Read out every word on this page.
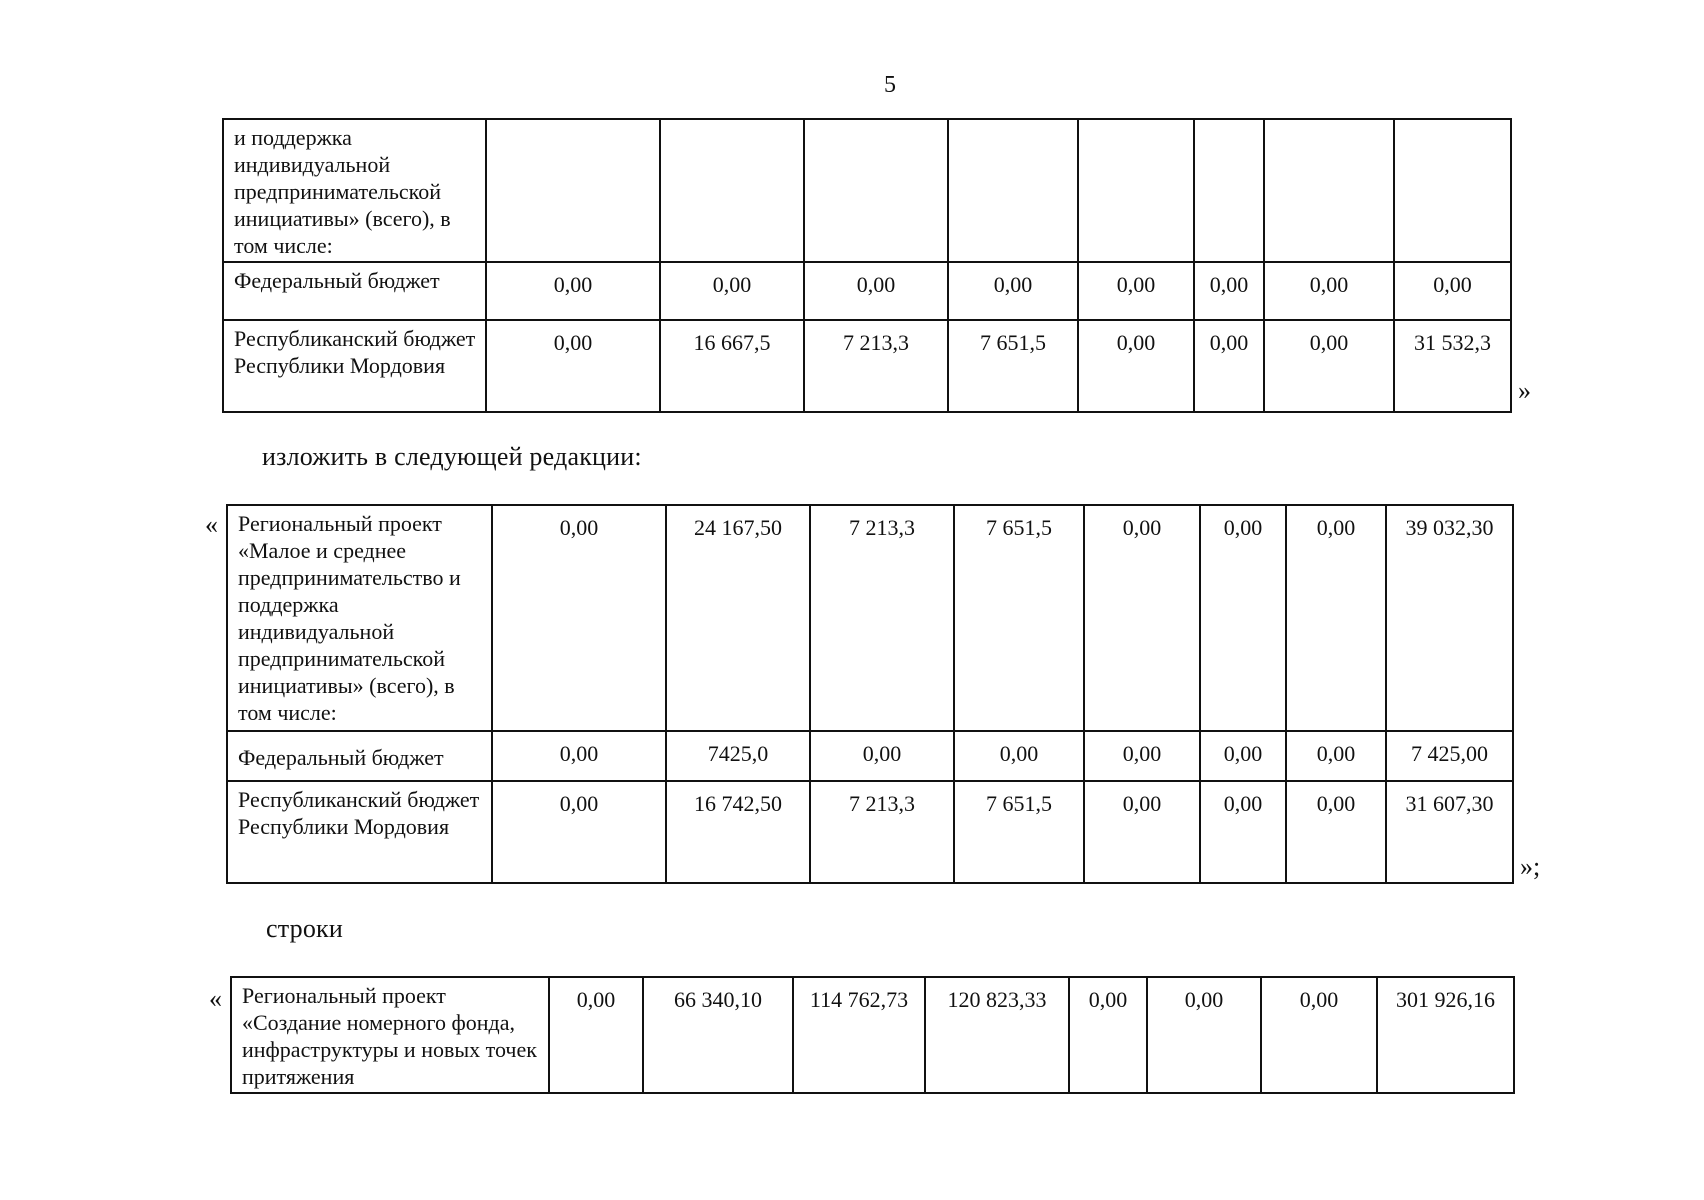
5
и поддержка индивидуальной предпринимательской инициативы» (всего), в том числе:								
Федеральный бюджет	0,00	0,00	0,00	0,00	0,00	0,00	0,00	0,00
Республиканский бюджет Республики Мордовия	0,00	16 667,5	7 213,3	7 651,5	0,00	0,00	0,00	31 532,3
»
изложить в следующей редакции:
« Региональный проект «Малое и среднее предпринимательство и поддержка индивидуальной предпринимательской инициативы» (всего), в том числе:	0,00	24 167,50	7 213,3	7 651,5	0,00	0,00	0,00	39 032,30
Федеральный бюджет	0,00	7425,0	0,00	0,00	0,00	0,00	0,00	7 425,00
Республиканский бюджет Республики Мордовия	0,00	16 742,50	7 213,3	7 651,5	0,00	0,00	0,00	31 607,30
»;
строки
« Региональный проект «Создание номерного фонда, инфраструктуры и новых точек притяжения	0,00	66 340,10	114 762,73	120 823,33	0,00	0,00	0,00	301 926,16
